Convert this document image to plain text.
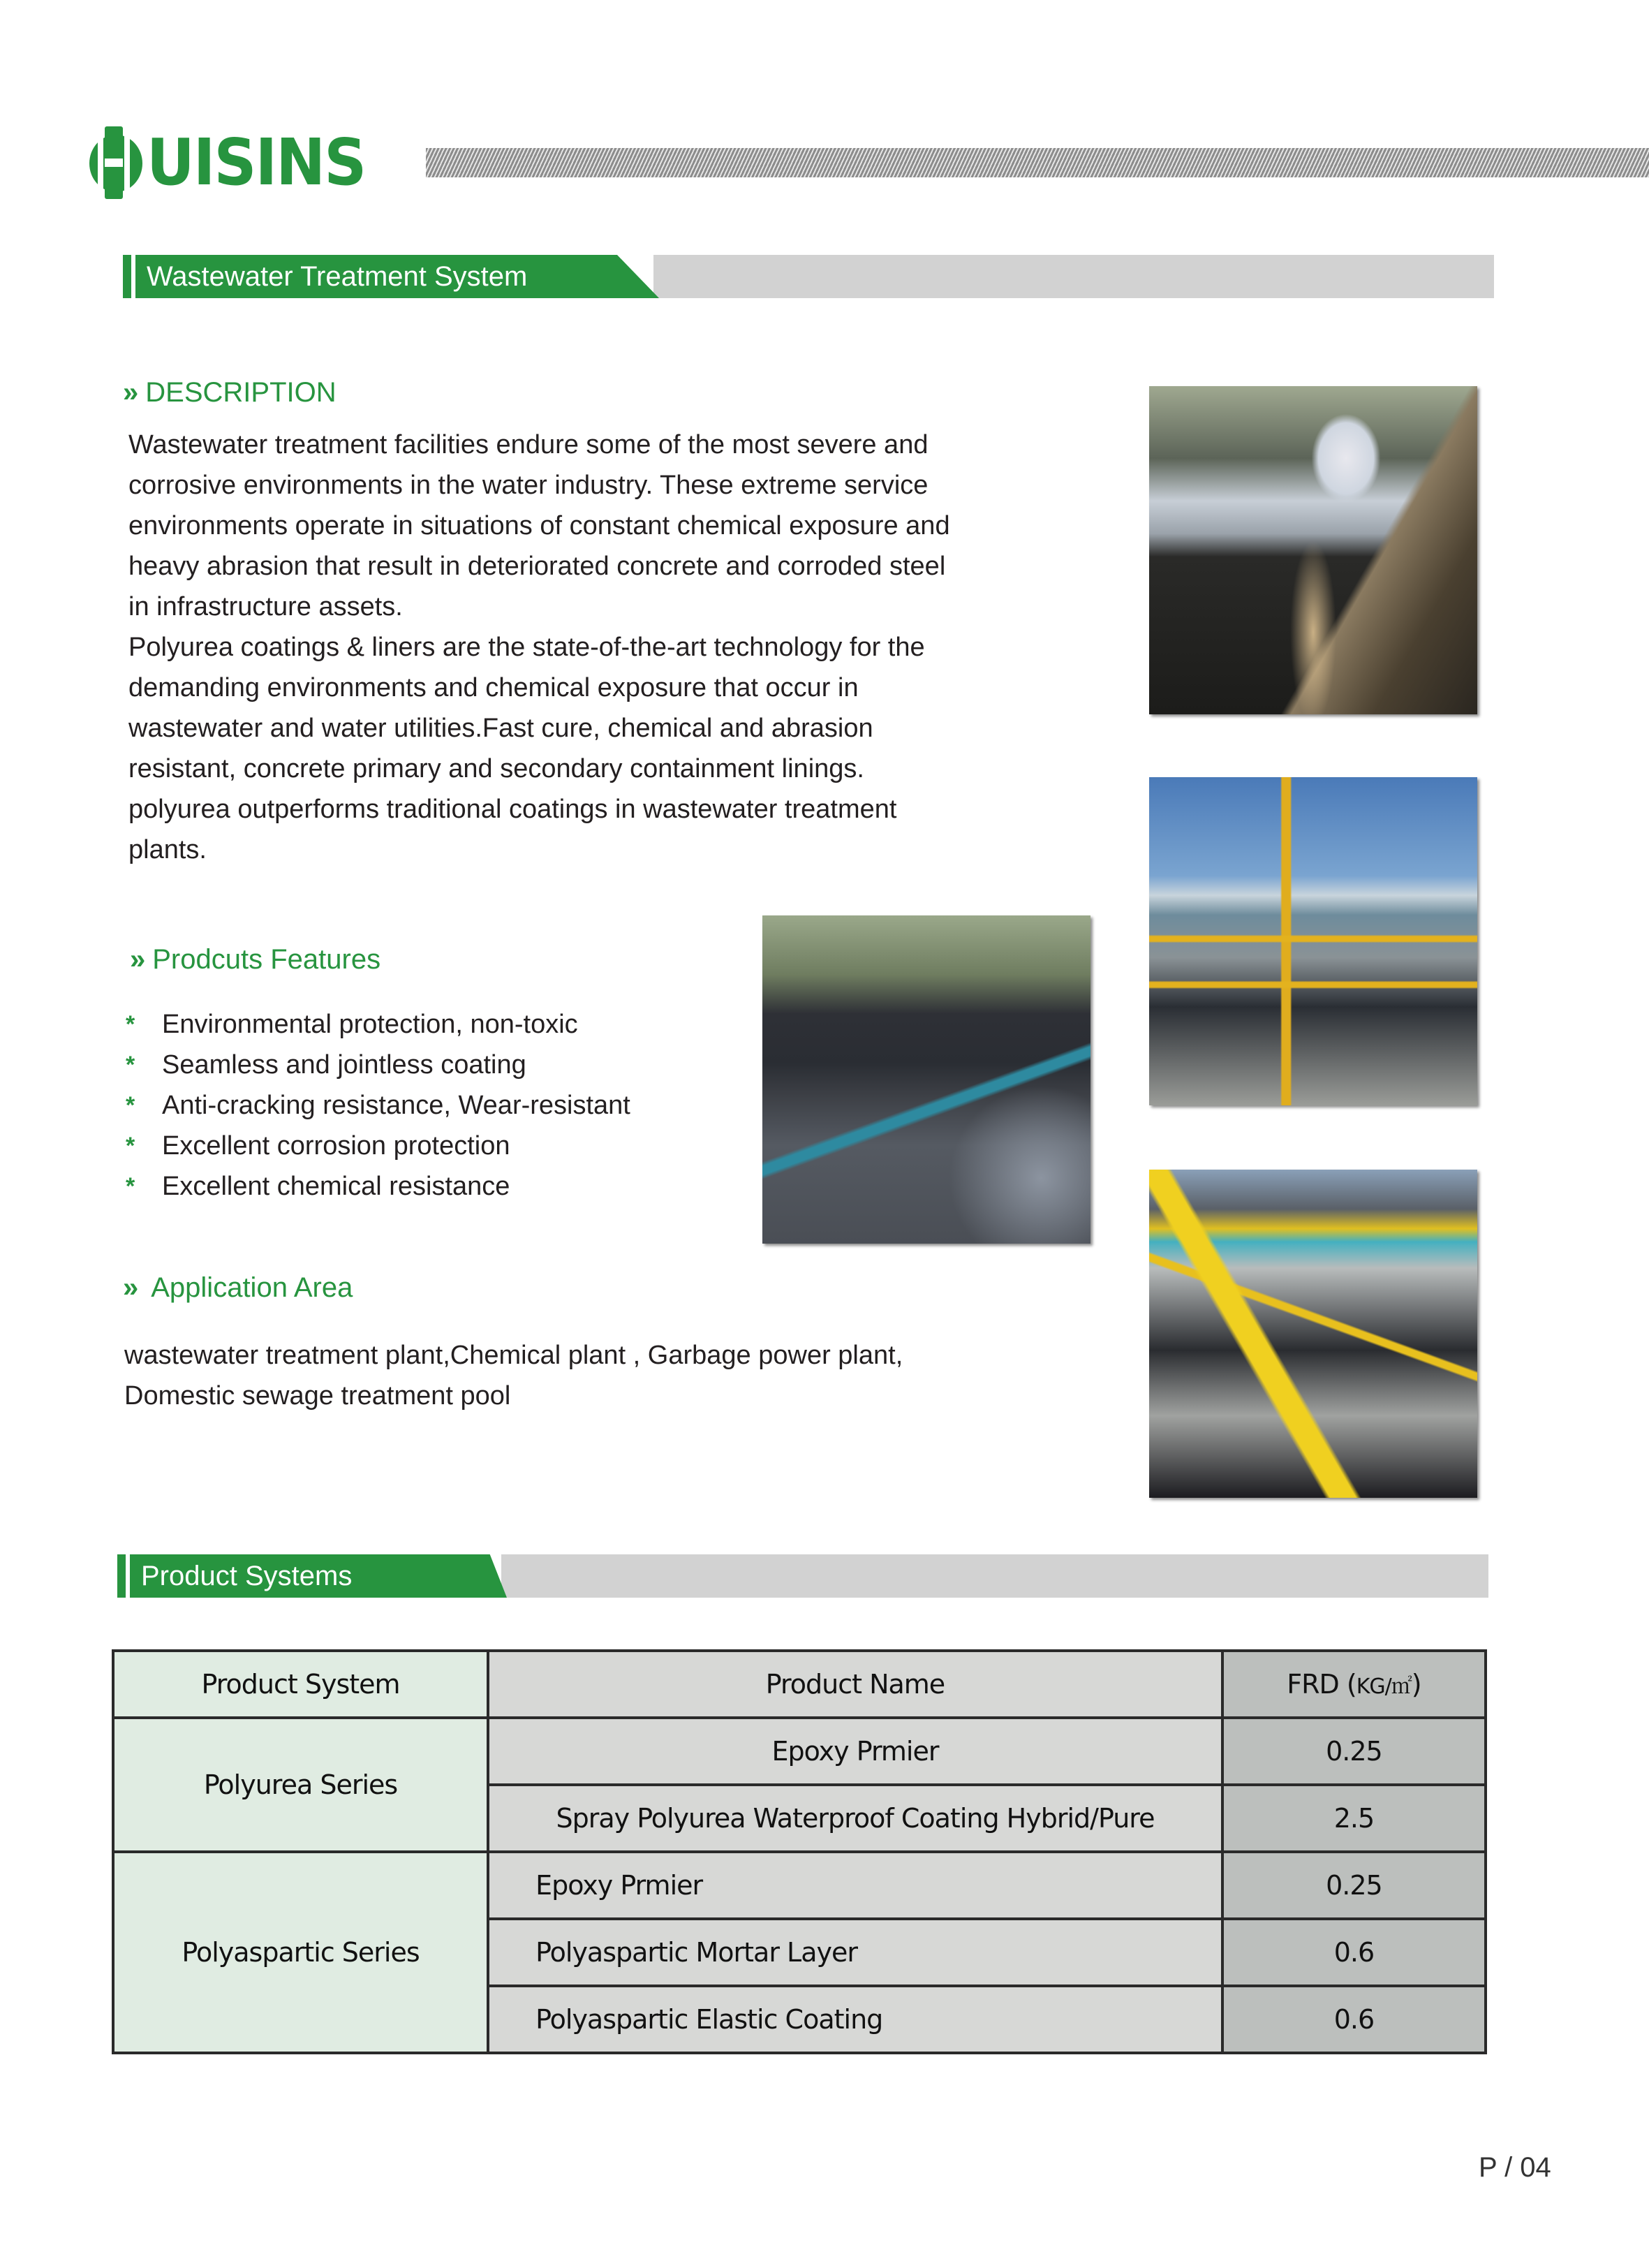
UISINS
Wastewater Treatment System
» DESCRIPTION
Wastewater treatment facilities endure some of the most severe and
corrosive environments in the water industry. These extreme service
environments operate in situations of constant chemical exposure and
heavy abrasion that result in deteriorated concrete and corroded steel
in infrastructure assets.
Polyurea coatings & liners are the state-of-the-art technology for the
demanding environments and chemical exposure that occur in
wastewater and water utilities.Fast cure, chemical and abrasion
resistant, concrete primary and secondary containment linings.
polyurea outperforms traditional coatings in wastewater treatment
plants.
» Prodcuts Features
*	Environmental protection, non-toxic
*	Seamless and jointless coating
*	Anti-cracking resistance, Wear-resistant
*	Excellent corrosion protection
*	Excellent chemical resistance
» Application Area
wastewater treatment plant,Chemical plant , Garbage power plant,
Domestic sewage treatment pool
Product Systems
Product System	Product Name	FRD (KG/㎡)
Polyurea Series	Epoxy Prmier	0.25
	Spray Polyurea Waterproof Coating Hybrid/Pure	2.5
Polyaspartic Series	Epoxy Prmier	0.25
	Polyaspartic Mortar Layer	0.6
	Polyaspartic Elastic Coating	0.6
P / 04
